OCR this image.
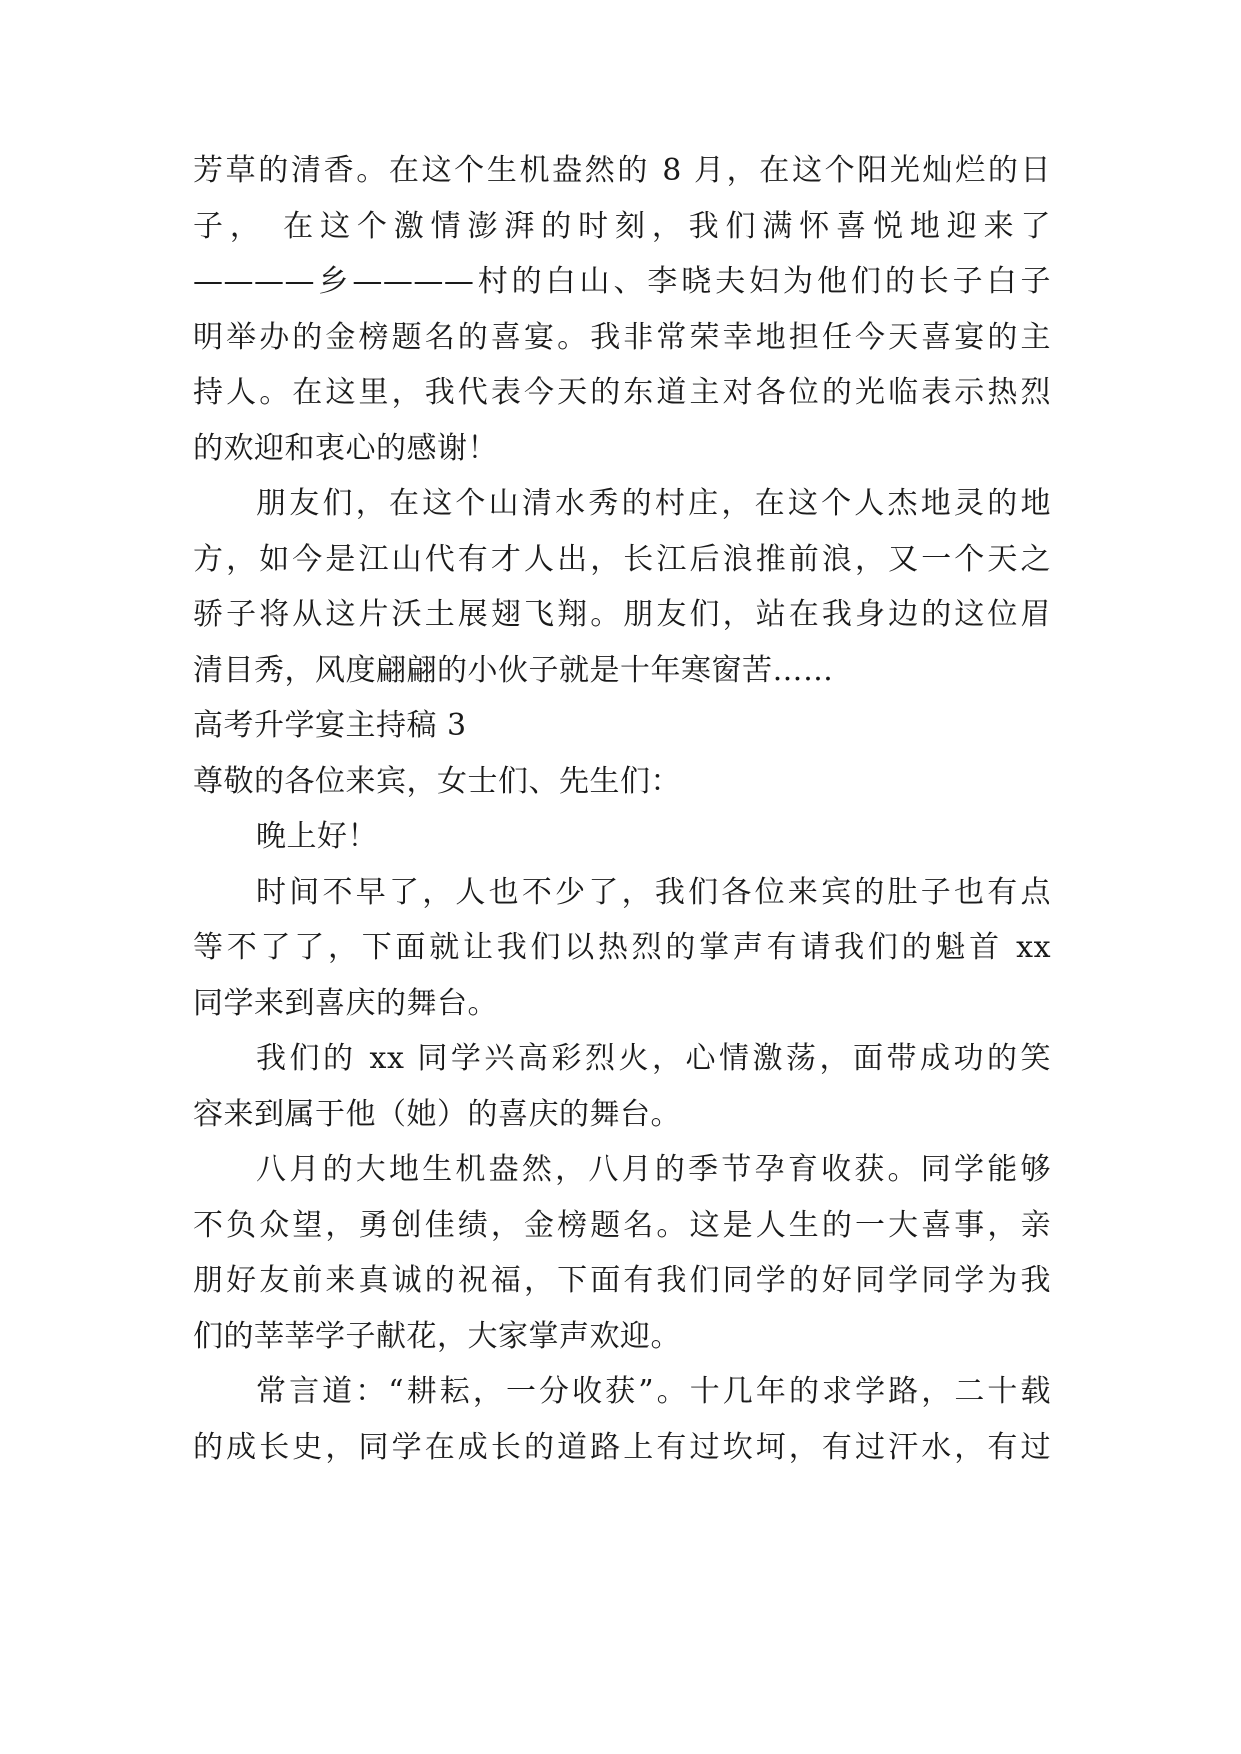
芳草的清香。在这个生机盎然的 8 月，在这个阳光灿烂的日
子， 在这个激情澎湃的时刻，我们满怀喜悦地迎来了
————乡————村的白山、李晓夫妇为他们的长子白子
明举办的金榜题名的喜宴。我非常荣幸地担任今天喜宴的主
持人。在这里，我代表今天的东道主对各位的光临表示热烈
的欢迎和衷心的感谢！
朋友们，在这个山清水秀的村庄，在这个人杰地灵的地
方，如今是江山代有才人出，长江后浪推前浪，又一个天之
骄子将从这片沃土展翅飞翔。朋友们，站在我身边的这位眉
清目秀，风度翩翩的小伙子就是十年寒窗苦……
高考升学宴主持稿 3
尊敬的各位来宾，女士们、先生们：
晚上好！
时间不早了，人也不少了，我们各位来宾的肚子也有点
等不了了，下面就让我们以热烈的掌声有请我们的魁首 xx
同学来到喜庆的舞台。
我们的 xx 同学兴高彩烈火，心情激荡，面带成功的笑
容来到属于他（她）的喜庆的舞台。
八月的大地生机盎然，八月的季节孕育收获。同学能够
不负众望，勇创佳绩，金榜题名。这是人生的一大喜事，亲
朋好友前来真诚的祝福，下面有我们同学的好同学同学为我
们的莘莘学子献花，大家掌声欢迎。
常言道：“耕耘，一分收获”。十几年的求学路，二十载
的成长史，同学在成长的道路上有过坎坷，有过汗水，有过
